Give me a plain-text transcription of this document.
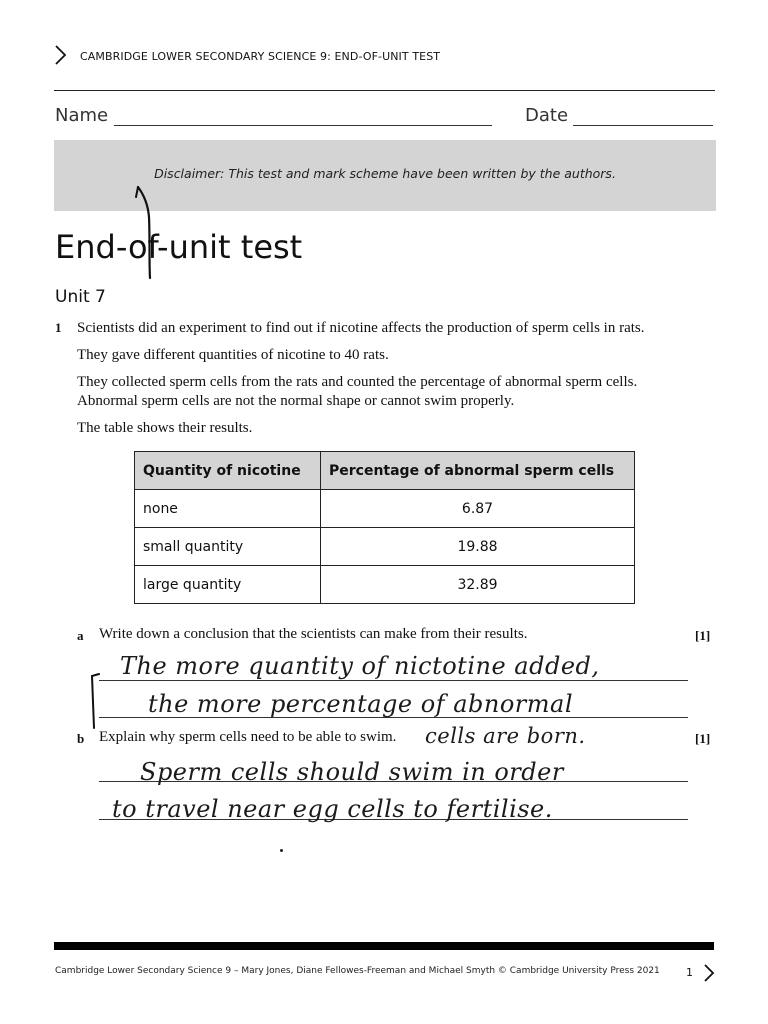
CAMBRIDGE LOWER SECONDARY SCIENCE 9: END-OF-UNIT TEST
Name	Date
Disclaimer: This test and mark scheme have been written by the authors.
End-of-unit test
Unit 7
1 Scientists did an experiment to find out if nicotine affects the production of sperm cells in rats.
They gave different quantities of nicotine to 40 rats.
They collected sperm cells from the rats and counted the percentage of abnormal sperm cells. Abnormal sperm cells are not the normal shape or cannot swim properly.
The table shows their results.
Quantity of nicotine	Percentage of abnormal sperm cells
none	6.87
small quantity	19.88
large quantity	32.89
a Write down a conclusion that the scientists can make from their results.	[1]
The more quantity of nictotine added,
the more percentage of abnormal
cells are born.
b Explain why sperm cells need to be able to swim.	[1]
Sperm cells should swim in order
to travel near egg cells to fertilise.
Cambridge Lower Secondary Science 9 – Mary Jones, Diane Fellowes-Freeman and Michael Smyth © Cambridge University Press 2021 1
